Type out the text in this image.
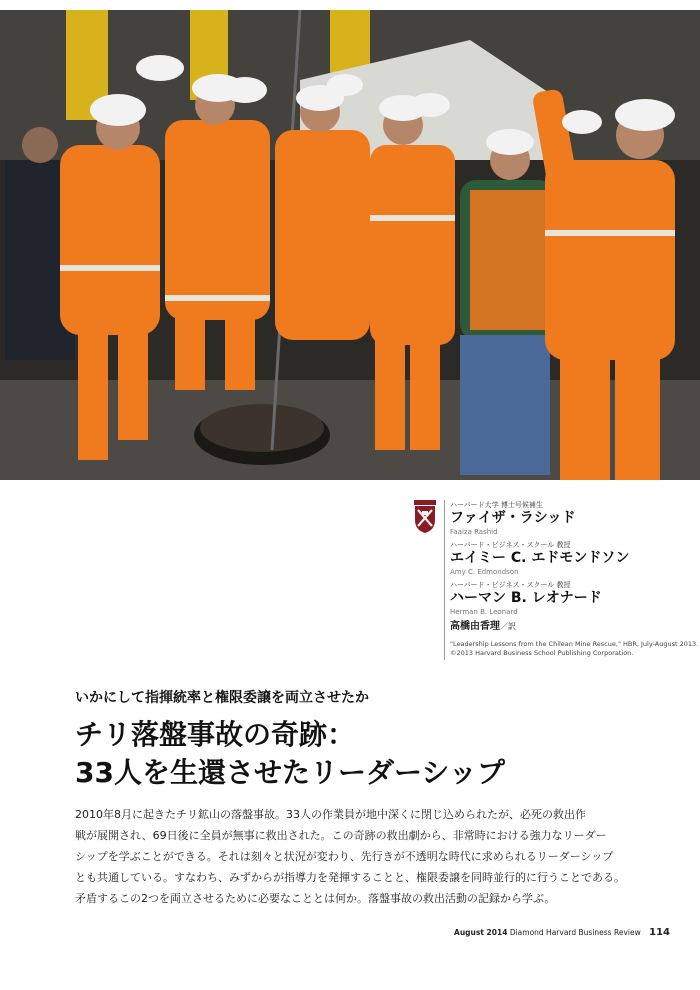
ハーバード大学 博士号候補生
ファイザ・ラシッド
Faaiza Rashid
ハーバード・ビジネス・スクール 教授
エイミー C. エドモンドソン
Amy C. Edmondson
ハーバード・ビジネス・スクール 教授
ハーマン B. レオナード
Herman B. Leonard
高橋由香理／訳
"Leadership Lessons from the Chilean Mine Rescue," HBR, July-August 2013.
©2013 Harvard Business School Publishing Corporation.
いかにして指揮統率と権限委譲を両立させたか
チリ落盤事故の奇跡：
33人を生還させたリーダーシップ
2010年8月に起きたチリ鉱山の落盤事故。33人の作業員が地中深くに閉じ込められたが、必死の救出作
戦が展開され、69日後に全員が無事に救出された。この奇跡の救出劇から、非常時における強力なリーダー
シップを学ぶことができる。それは刻々と状況が変わり、先行きが不透明な時代に求められるリーダーシップ
とも共通している。すなわち、みずからが指導力を発揮することと、権限委譲を同時並行的に行うことである。
矛盾するこの2つを両立させるために必要なこととは何か。落盤事故の救出活動の記録から学ぶ。
August 2014 Diamond Harvard Business Review 114
